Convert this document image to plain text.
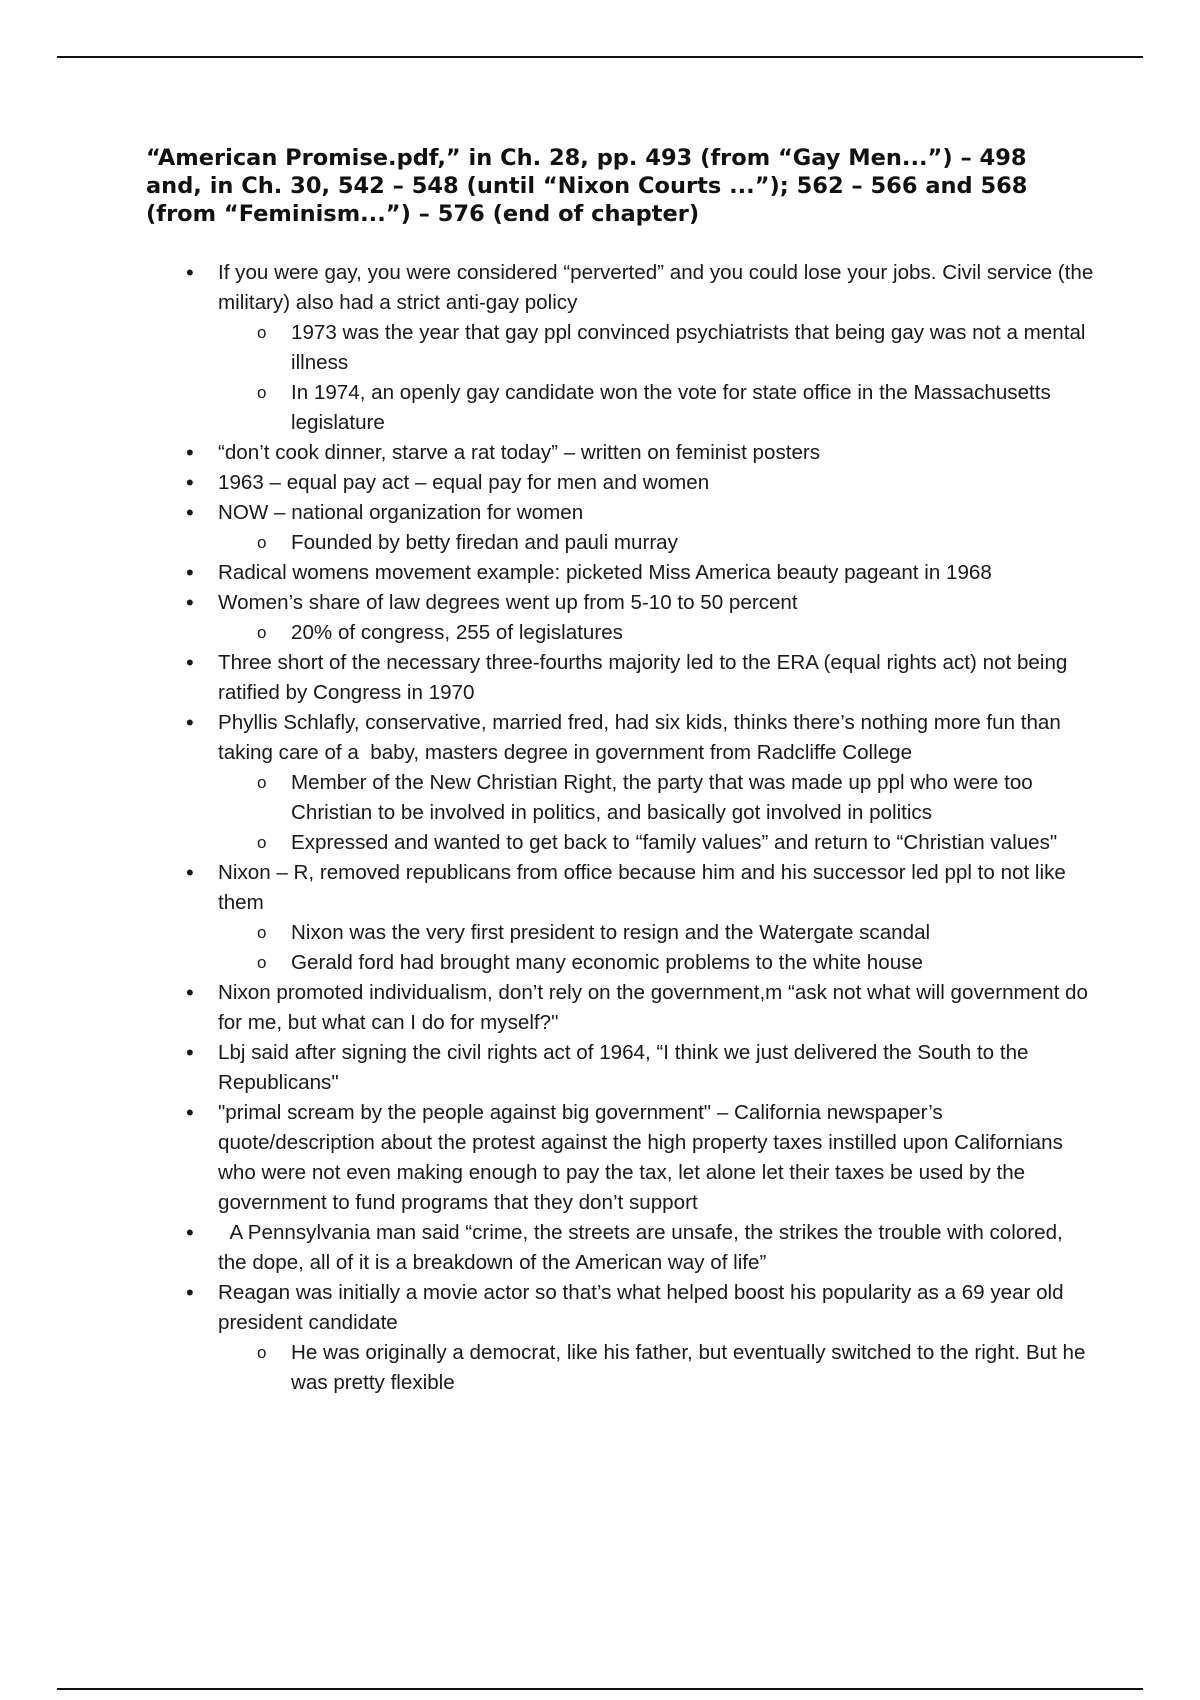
“American Promise.pdf,” in Ch. 28, pp. 493 (from “Gay Men...”) – 498 and, in Ch. 30, 542 – 548 (until “Nixon Courts ...”); 562 – 566 and 568 (from “Feminism...”) – 576 (end of chapter)
• If you were gay, you were considered “perverted” and you could lose your jobs. Civil service (the military) also had a strict anti-gay policy
o 1973 was the year that gay ppl convinced psychiatrists that being gay was not a mental illness
o In 1974, an openly gay candidate won the vote for state office in the Massachusetts legislature
• “don’t cook dinner, starve a rat today” – written on feminist posters
• 1963 – equal pay act – equal pay for men and women
• NOW – national organization for women
o Founded by betty firedan and pauli murray
• Radical womens movement example: picketed Miss America beauty pageant in 1968
• Women’s share of law degrees went up from 5-10 to 50 percent
o 20% of congress, 255 of legislatures
• Three short of the necessary three-fourths majority led to the ERA (equal rights act) not being ratified by Congress in 1970
• Phyllis Schlafly, conservative, married fred, had six kids, thinks there’s nothing more fun than taking care of a  baby, masters degree in government from Radcliffe College
o Member of the New Christian Right, the party that was made up ppl who were too Christian to be involved in politics, and basically got involved in politics
o Expressed and wanted to get back to “family values” and return to “Christian values"
• Nixon – R, removed republicans from office because him and his successor led ppl to not like them
o Nixon was the very first president to resign and the Watergate scandal
o Gerald ford had brought many economic problems to the white house
• Nixon promoted individualism, don’t rely on the government,m “ask not what will government do for me, but what can I do for myself?"
• Lbj said after signing the civil rights act of 1964, “I think we just delivered the South to the Republicans"
• "primal scream by the people against big government" – California newspaper’s quote/description about the protest against the high property taxes instilled upon Californians who were not even making enough to pay the tax, let alone let their taxes be used by the government to fund programs that they don’t support
• A Pennsylvania man said “crime, the streets are unsafe, the strikes the trouble with colored, the dope, all of it is a breakdown of the American way of life”
• Reagan was initially a movie actor so that’s what helped boost his popularity as a 69 year old president candidate
o He was originally a democrat, like his father, but eventually switched to the right. But he was pretty flexible
